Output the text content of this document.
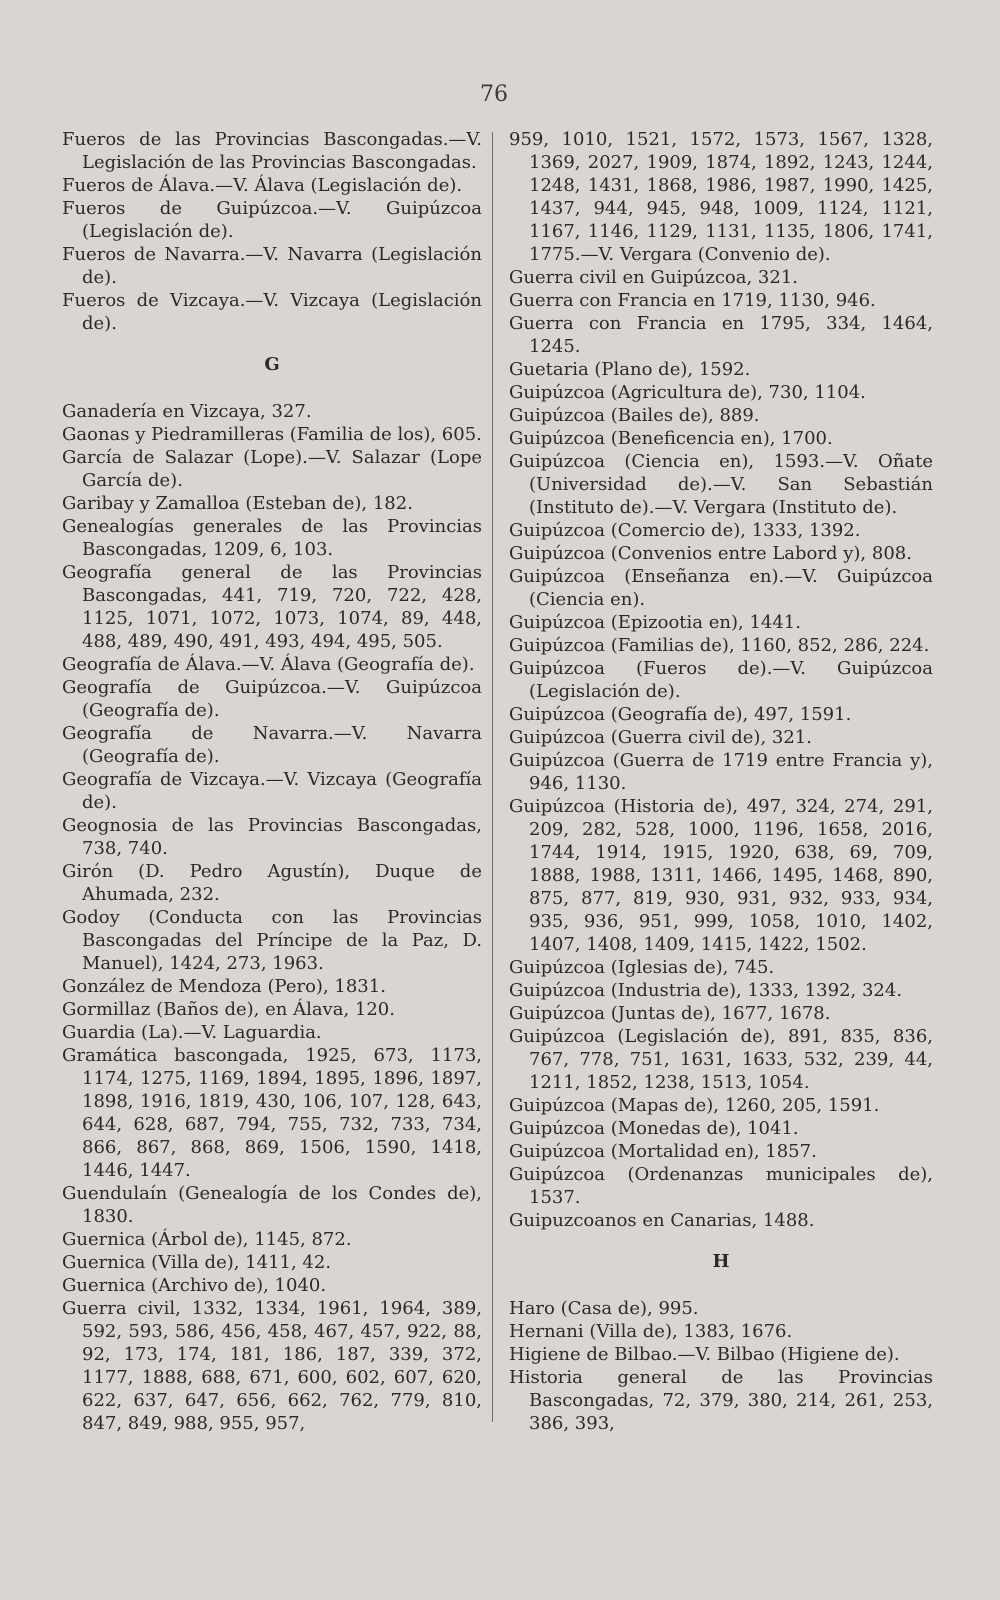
76

Fueros de las Provincias Bascongadas.—V. Legislación de las Provincias Bascongadas.

Fueros de Álava.—V. Álava (Legislación de).

Fueros de Guipúzcoa.—V. Guipúzcoa (Legislación de).

Fueros de Navarra.—V. Navarra (Legislación de).

Fueros de Vizcaya.—V. Vizcaya (Legislación de).

G

Ganadería en Vizcaya, 327.

Gaonas y Piedramilleras (Familia de los), 605.

García de Salazar (Lope).—V. Salazar (Lope García de).

Garibay y Zamalloa (Esteban de), 182.

Genealogías generales de las Provincias Bascongadas, 1209, 6, 103.

Geografía general de las Provincias Bascongadas, 441, 719, 720, 722, 428, 1125, 1071, 1072, 1073, 1074, 89, 448, 488, 489, 490, 491, 493, 494, 495, 505.

Geografía de Álava.—V. Álava (Geografía de).

Geografía de Guipúzcoa.—V. Guipúzcoa (Geografía de).

Geografía de Navarra.—V. Navarra (Geografía de).

Geografía de Vizcaya.—V. Vizcaya (Geografía de).

Geognosia de las Provincias Bascongadas, 738, 740.

Girón (D. Pedro Agustín), Duque de Ahumada, 232.

Godoy (Conducta con las Provincias Bascongadas del Príncipe de la Paz, D. Manuel), 1424, 273, 1963.

González de Mendoza (Pero), 1831.

Gormillaz (Baños de), en Álava, 120.

Guardia (La).—V. Laguardia.

Gramática bascongada, 1925, 673, 1173, 1174, 1275, 1169, 1894, 1895, 1896, 1897, 1898, 1916, 1819, 430, 106, 107, 128, 643, 644, 628, 687, 794, 755, 732, 733, 734, 866, 867, 868, 869, 1506, 1590, 1418, 1446, 1447.

Guendulaín (Genealogía de los Condes de), 1830.

Guernica (Árbol de), 1145, 872.

Guernica (Villa de), 1411, 42.

Guernica (Archivo de), 1040.

Guerra civil, 1332, 1334, 1961, 1964, 389, 592, 593, 586, 456, 458, 467, 457, 922, 88, 92, 173, 174, 181, 186, 187, 339, 372, 1177, 1888, 688, 671, 600, 602, 607, 620, 622, 637, 647, 656, 662, 762, 779, 810, 847, 849, 988, 955, 957,

959, 1010, 1521, 1572, 1573, 1567, 1328, 1369, 2027, 1909, 1874, 1892, 1243, 1244, 1248, 1431, 1868, 1986, 1987, 1990, 1425, 1437, 944, 945, 948, 1009, 1124, 1121, 1167, 1146, 1129, 1131, 1135, 1806, 1741, 1775.—V. Vergara (Convenio de).

Guerra civil en Guipúzcoa, 321.

Guerra con Francia en 1719, 1130, 946.

Guerra con Francia en 1795, 334, 1464, 1245.

Guetaria (Plano de), 1592.

Guipúzcoa (Agricultura de), 730, 1104.

Guipúzcoa (Bailes de), 889.

Guipúzcoa (Beneficencia en), 1700.

Guipúzcoa (Ciencia en), 1593.—V. Oñate (Universidad de).—V. San Sebastián (Instituto de).—V. Vergara (Instituto de).

Guipúzcoa (Comercio de), 1333, 1392.

Guipúzcoa (Convenios entre Labord y), 808.

Guipúzcoa (Enseñanza en).—V. Guipúzcoa (Ciencia en).

Guipúzcoa (Epizootia en), 1441.

Guipúzcoa (Familias de), 1160, 852, 286, 224.

Guipúzcoa (Fueros de).—V. Guipúzcoa (Legislación de).

Guipúzcoa (Geografía de), 497, 1591.

Guipúzcoa (Guerra civil de), 321.

Guipúzcoa (Guerra de 1719 entre Francia y), 946, 1130.

Guipúzcoa (Historia de), 497, 324, 274, 291, 209, 282, 528, 1000, 1196, 1658, 2016, 1744, 1914, 1915, 1920, 638, 69, 709, 1888, 1988, 1311, 1466, 1495, 1468, 890, 875, 877, 819, 930, 931, 932, 933, 934, 935, 936, 951, 999, 1058, 1010, 1402, 1407, 1408, 1409, 1415, 1422, 1502.

Guipúzcoa (Iglesias de), 745.

Guipúzcoa (Industria de), 1333, 1392, 324.

Guipúzcoa (Juntas de), 1677, 1678.

Guipúzcoa (Legislación de), 891, 835, 836, 767, 778, 751, 1631, 1633, 532, 239, 44, 1211, 1852, 1238, 1513, 1054.

Guipúzcoa (Mapas de), 1260, 205, 1591.

Guipúzcoa (Monedas de), 1041.

Guipúzcoa (Mortalidad en), 1857.

Guipúzcoa (Ordenanzas municipales de), 1537.

Guipuzcoanos en Canarias, 1488.

H

Haro (Casa de), 995.

Hernani (Villa de), 1383, 1676.

Higiene de Bilbao.—V. Bilbao (Higiene de).

Historia general de las Provincias Bascongadas, 72, 379, 380, 214, 261, 253, 386, 393,
